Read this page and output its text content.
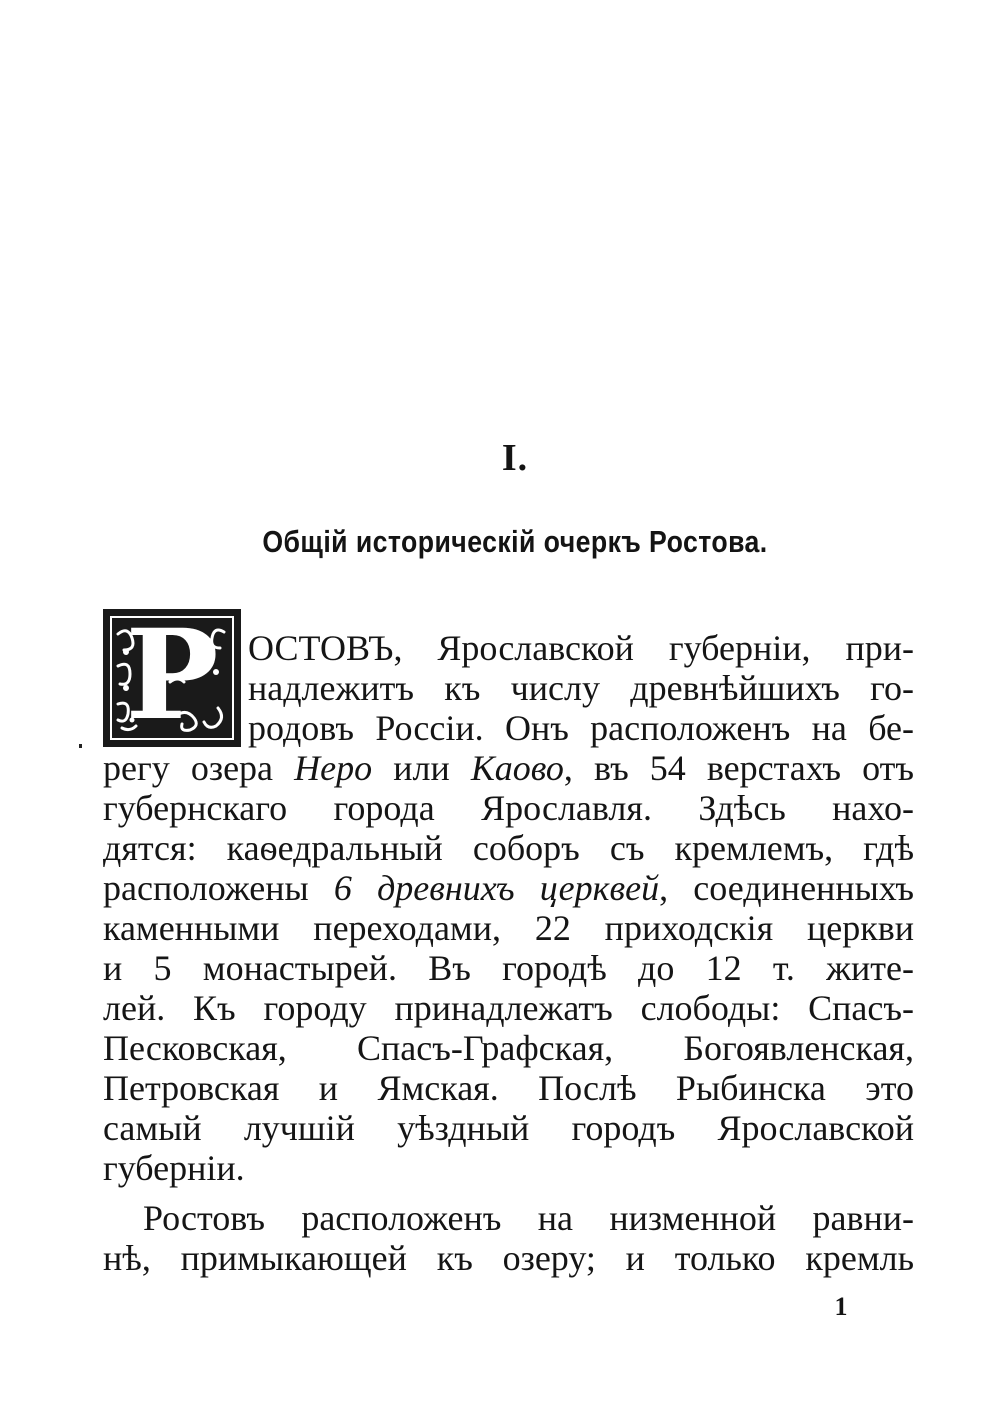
I.
Общій историческій очеркъ Ростова.
Р ОСТОВЪ, Ярославской губерніи, при-
надлежитъ къ числу древнѣйшихъ го-
родовъ Россіи. Онъ расположенъ на бе-
регу озера Неро или Каово, въ 54 верстахъ отъ
губернскаго города Ярославля. Здѣсь нахо-
дятся: каѳедральный соборъ съ кремлемъ, гдѣ
расположены 6 древнихъ церквей, соединенныхъ
каменными переходами, 22 приходскія церкви
и 5 монастырей. Въ городѣ до 12 т. жите-
лей. Къ городу принадлежатъ слободы: Спасъ-
Песковская, Спасъ-Графская, Богоявленская,
Петровская и Ямская. Послѣ Рыбинска это
самый лучшій уѣздный городъ Ярославской
губерніи.
Ростовъ расположенъ на низменной равни-
нѣ, примыкающей къ озеру; и только кремль
1
